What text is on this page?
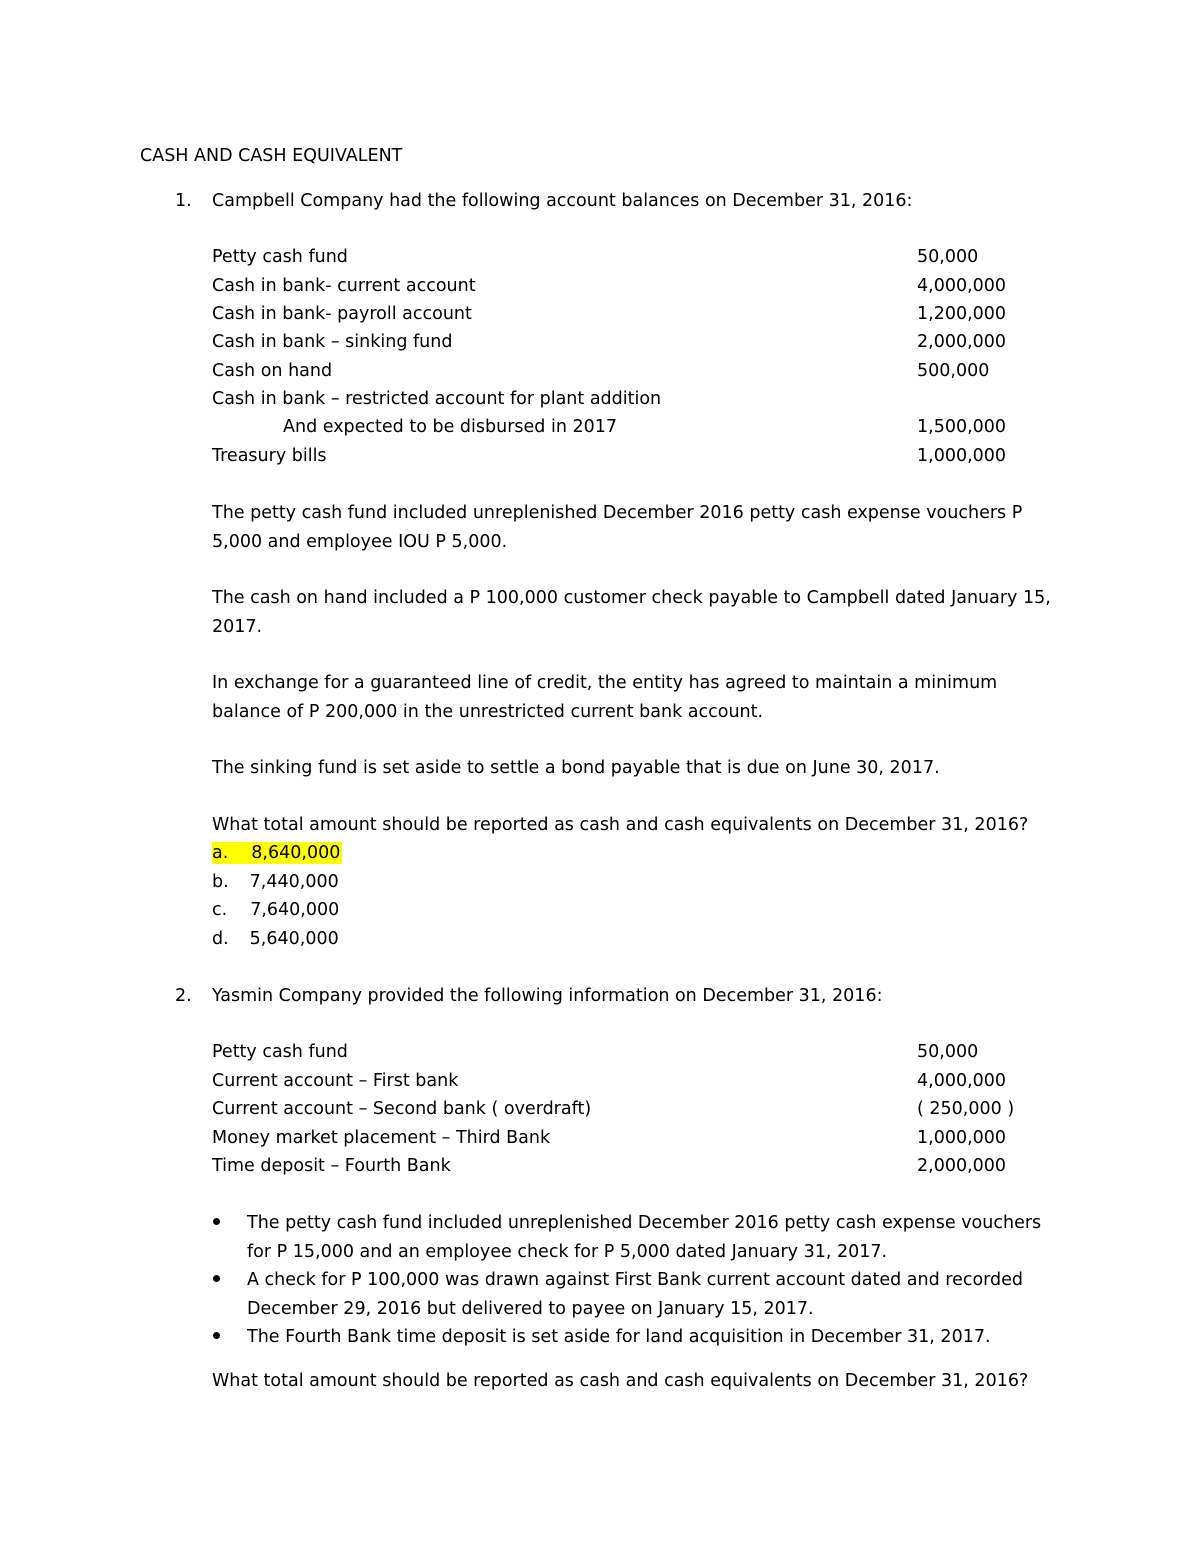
CASH AND CASH EQUIVALENT
1. Campbell Company had the following account balances on December 31, 2016:
Petty cash fund	50,000
Cash in bank- current account	4,000,000
Cash in bank- payroll account	1,200,000
Cash in bank – sinking fund	2,000,000
Cash on hand	500,000
Cash in bank – restricted account for plant addition
And expected to be disbursed in 2017	1,500,000
Treasury bills	1,000,000
The petty cash fund included unreplenished December 2016 petty cash expense vouchers P
5,000 and employee IOU P 5,000.
The cash on hand included a P 100,000 customer check payable to Campbell dated January 15,
2017.
In exchange for a guaranteed line of credit, the entity has agreed to maintain a minimum
balance of P 200,000 in the unrestricted current bank account.
The sinking fund is set aside to settle a bond payable that is due on June 30, 2017.
What total amount should be reported as cash and cash equivalents on December 31, 2016?
a. 8,640,000
b. 7,440,000
c. 7,640,000
d. 5,640,000
2. Yasmin Company provided the following information on December 31, 2016:
Petty cash fund	50,000
Current account – First bank	4,000,000
Current account – Second bank ( overdraft)	( 250,000 )
Money market placement – Third Bank	1,000,000
Time deposit – Fourth Bank	2,000,000
The petty cash fund included unreplenished December 2016 petty cash expense vouchers
for P 15,000 and an employee check for P 5,000 dated January 31, 2017.
A check for P 100,000 was drawn against First Bank current account dated and recorded
December 29, 2016 but delivered to payee on January 15, 2017.
The Fourth Bank time deposit is set aside for land acquisition in December 31, 2017.
What total amount should be reported as cash and cash equivalents on December 31, 2016?
